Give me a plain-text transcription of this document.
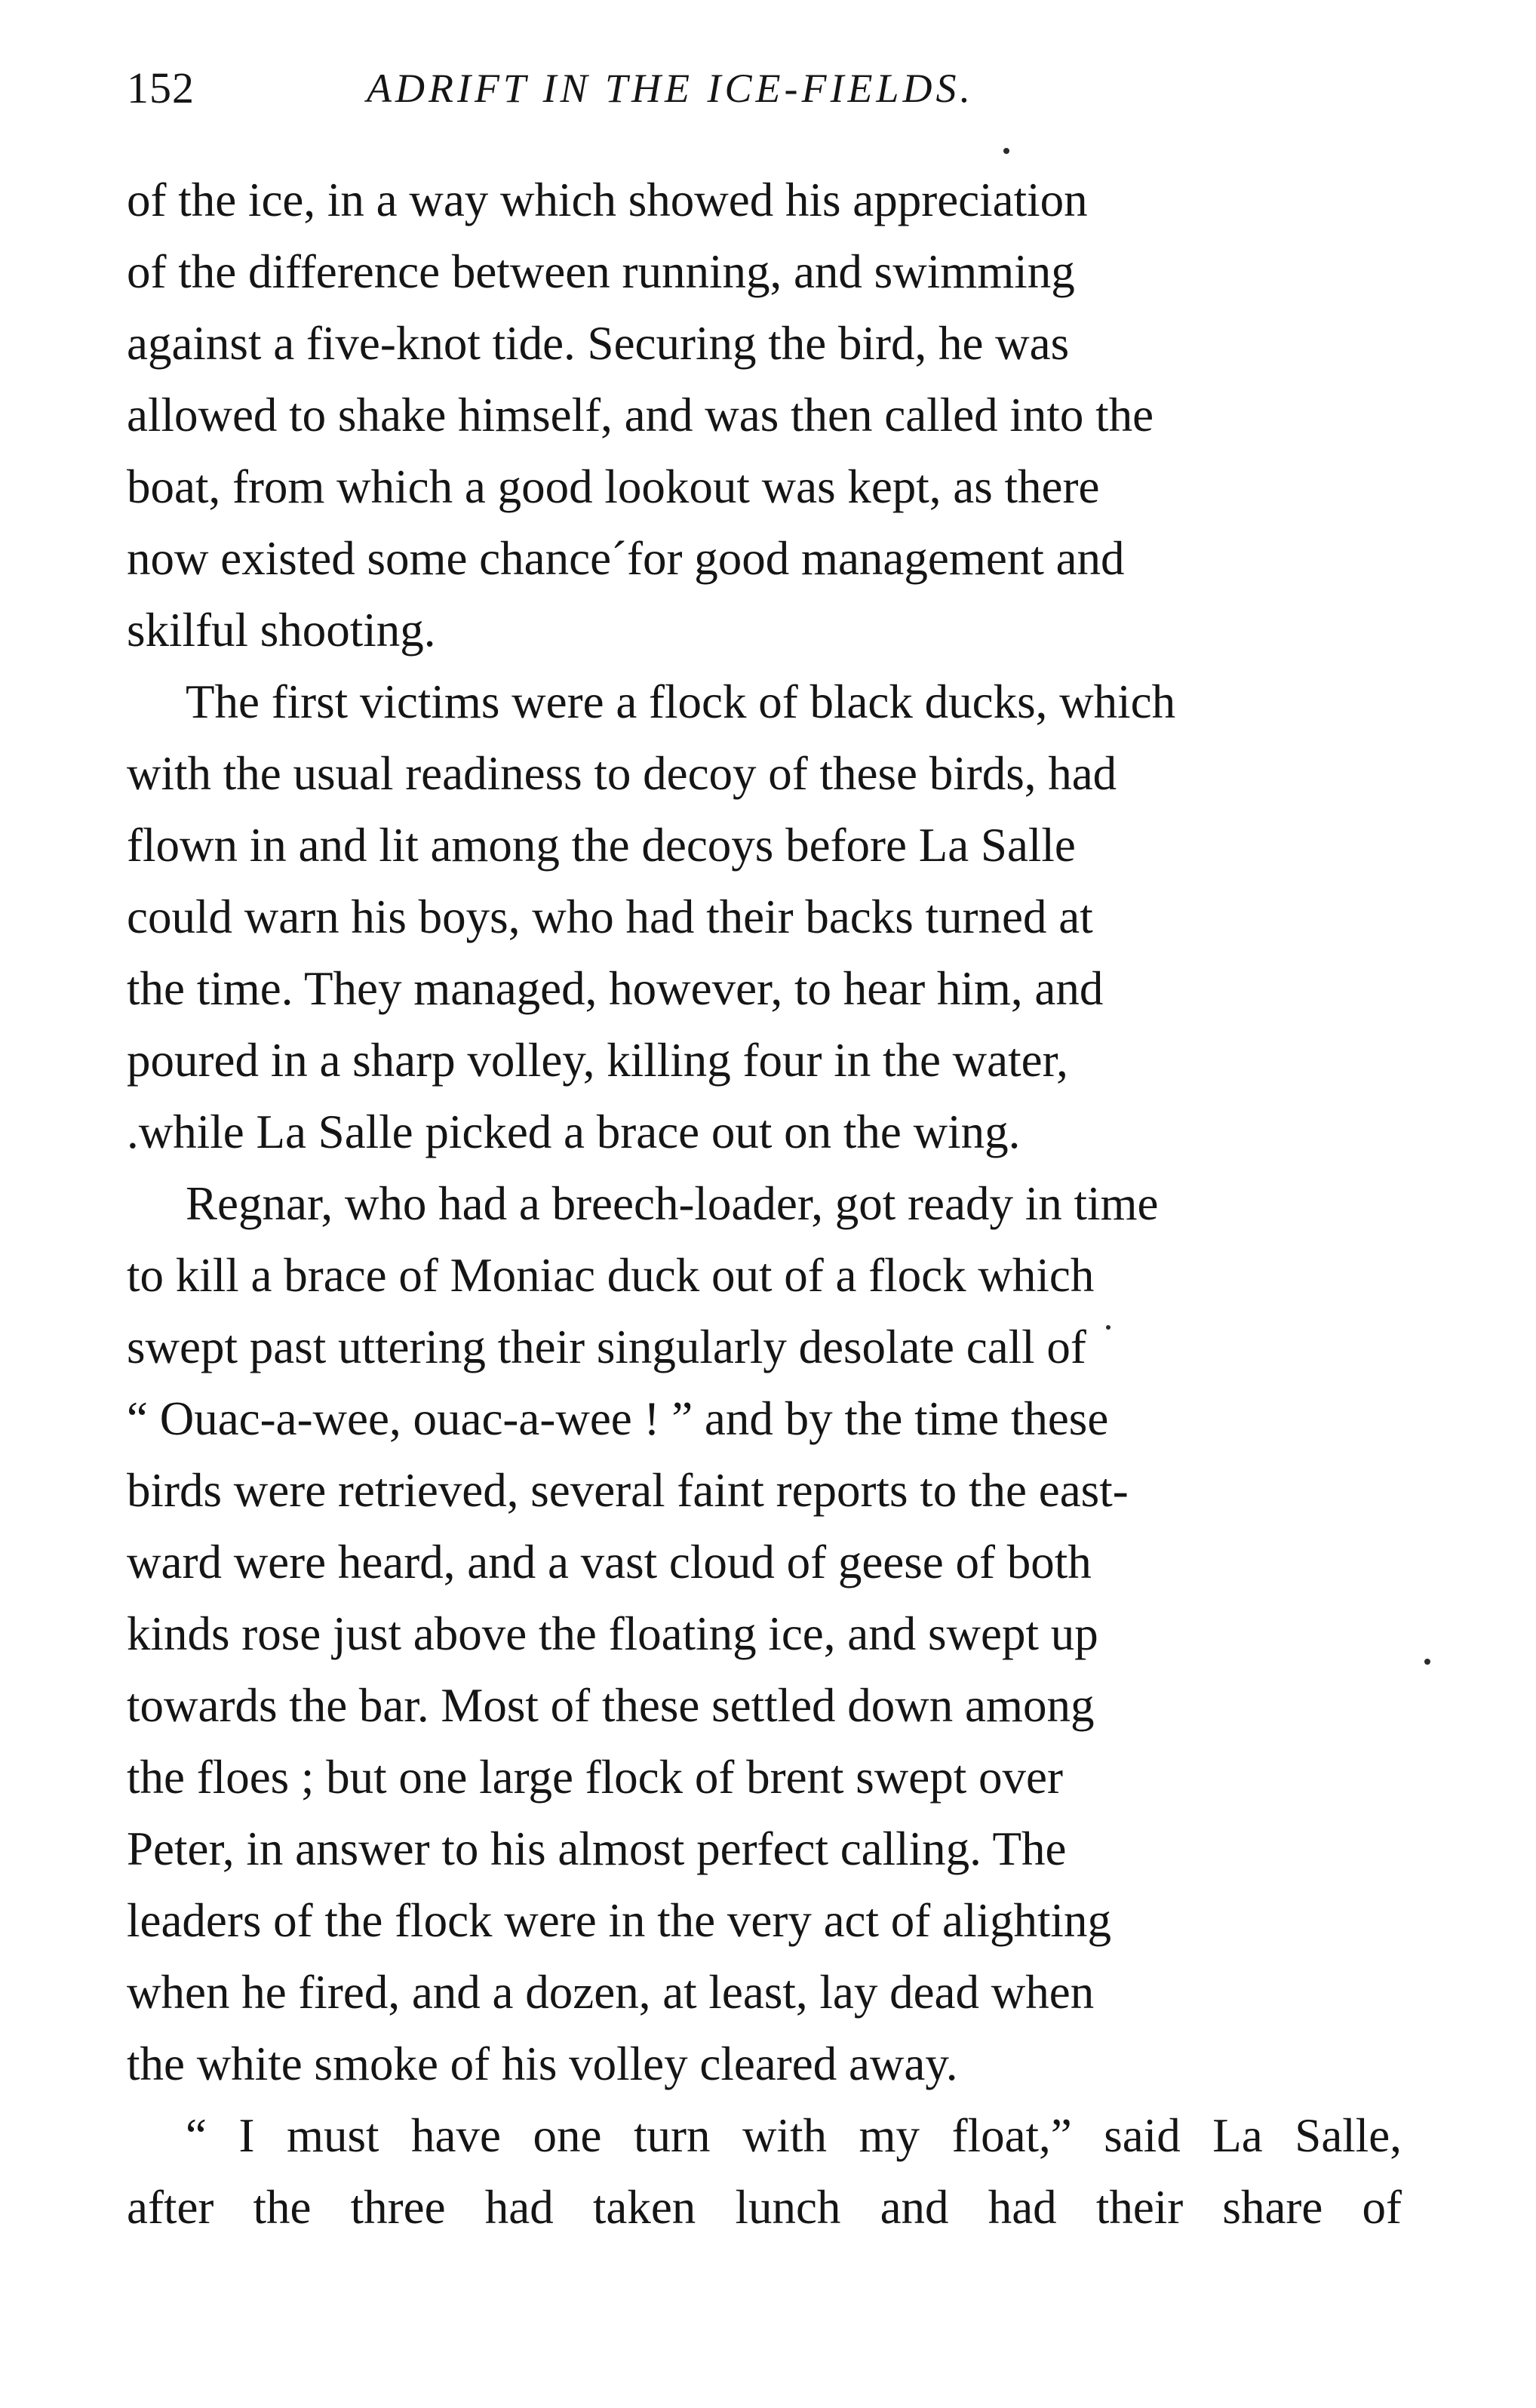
152	ADRIFT IN THE ICE-FIELDS.

of the ice, in a way which showed his appreciation
of the difference between running, and swimming
against a five-knot tide. Securing the bird, he was
allowed to shake himself, and was then called into the
boat, from which a good lookout was kept, as there
now existed some chance´for good management and
skilful shooting.

The first victims were a flock of black ducks, which
with the usual readiness to decoy of these birds, had
flown in and lit among the decoys before La Salle
could warn his boys, who had their backs turned at
the time. They managed, however, to hear him, and
poured in a sharp volley, killing four in the water,
.while La Salle picked a brace out on the wing.

Regnar, who had a breech-loader, got ready in time
to kill a brace of Moniac duck out of a flock which
swept past uttering their singularly desolate call of
“ Ouac-a-wee, ouac-a-wee ! ” and by the time these
birds were retrieved, several faint reports to the east-
ward were heard, and a vast cloud of geese of both
kinds rose just above the floating ice, and swept up
towards the bar. Most of these settled down among
the floes ; but one large flock of brent swept over
Peter, in answer to his almost perfect calling. The
leaders of the flock were in the very act of alighting
when he fired, and a dozen, at least, lay dead when
the white smoke of his volley cleared away.

“ I must have one turn with my float,” said La Salle,
after the three had taken lunch and had their share of
